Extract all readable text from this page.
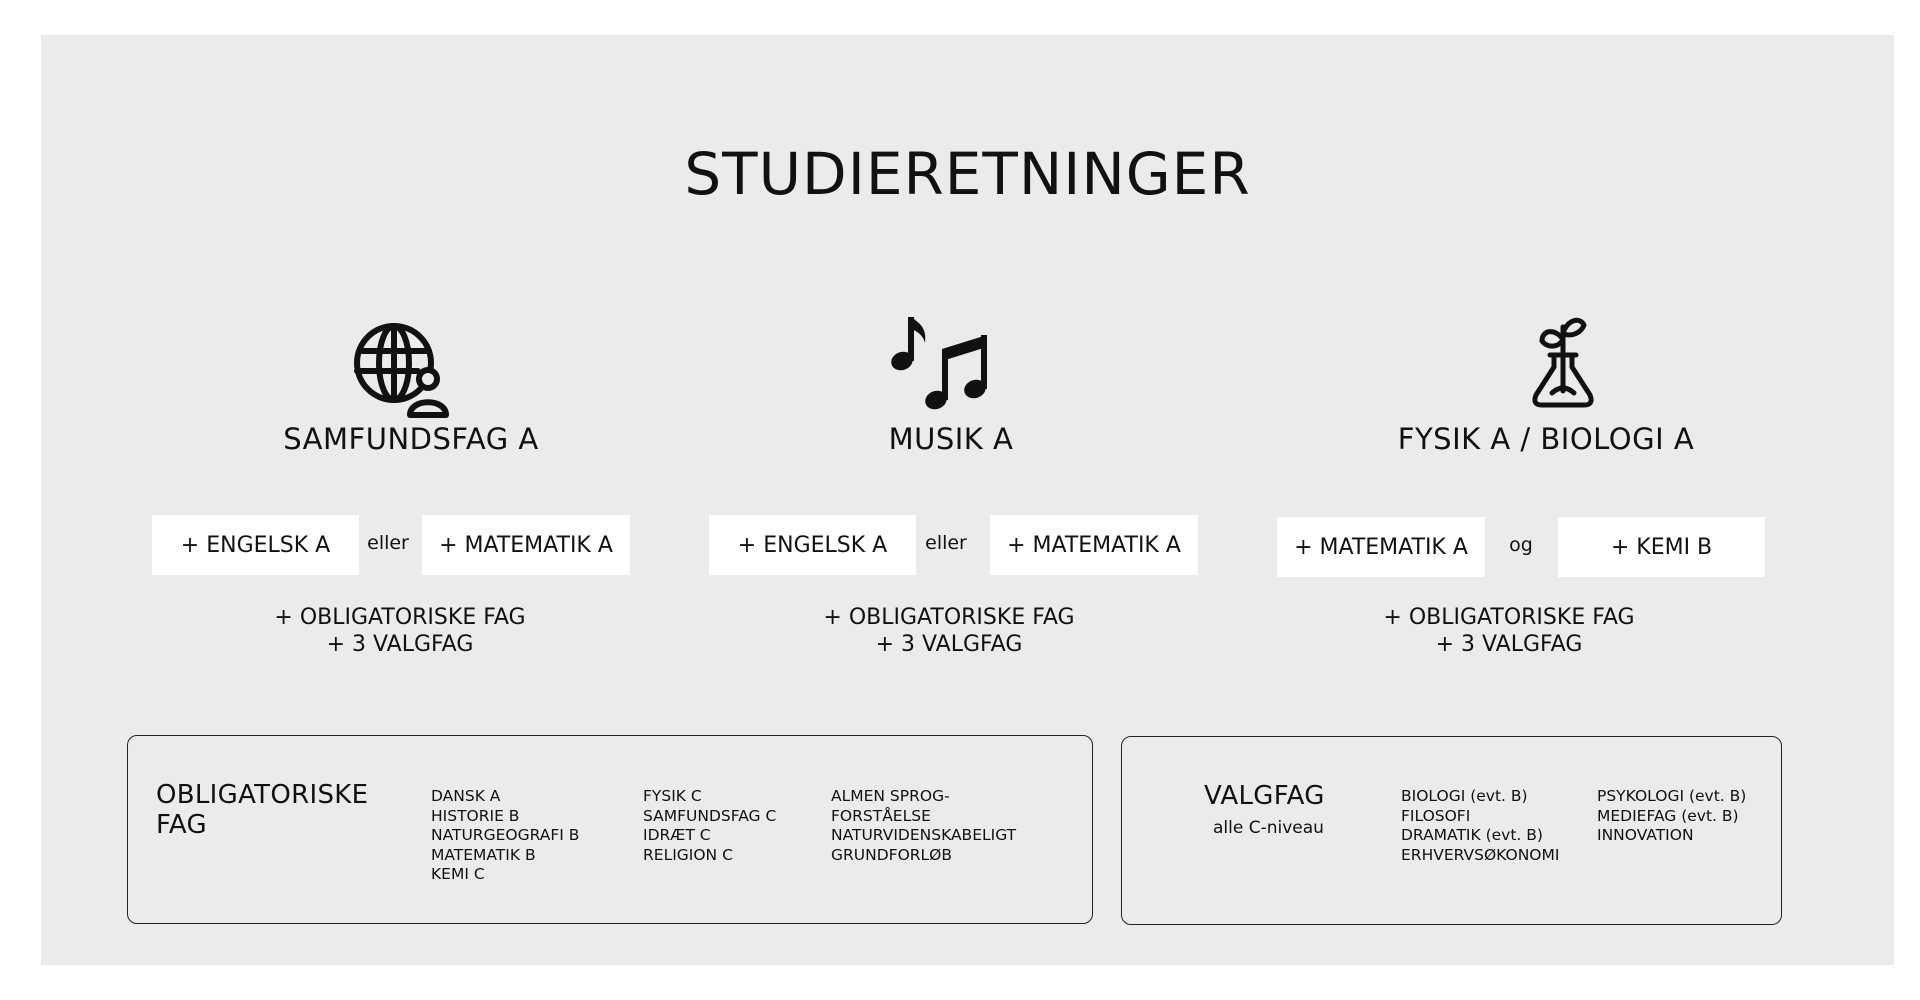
STUDIERETNINGER
SAMFUNDSFAG A
+ ENGELSK A	eller	+ MATEMATIK A
+ OBLIGATORISKE FAG
+ 3 VALGFAG
MUSIK A
+ ENGELSK A	eller	+ MATEMATIK A
+ OBLIGATORISKE FAG
+ 3 VALGFAG
FYSIK A / BIOLOGI A
+ MATEMATIK A	og	+ KEMI B
+ OBLIGATORISKE FAG
+ 3 VALGFAG
OBLIGATORISKE
FAG
DANSK A
HISTORIE B
NATURGEOGRAFI B
MATEMATIK B
KEMI C
FYSIK C
SAMFUNDSFAG C
IDRÆT C
RELIGION C
ALMEN SPROG-
FORSTÅELSE
NATURVIDENSKABELIGT
GRUNDFORLØB
VALGFAG
alle C-niveau
BIOLOGI (evt. B)
FILOSOFI
DRAMATIK (evt. B)
ERHVERVSØKONOMI
PSYKOLOGI (evt. B)
MEDIEFAG (evt. B)
INNOVATION
